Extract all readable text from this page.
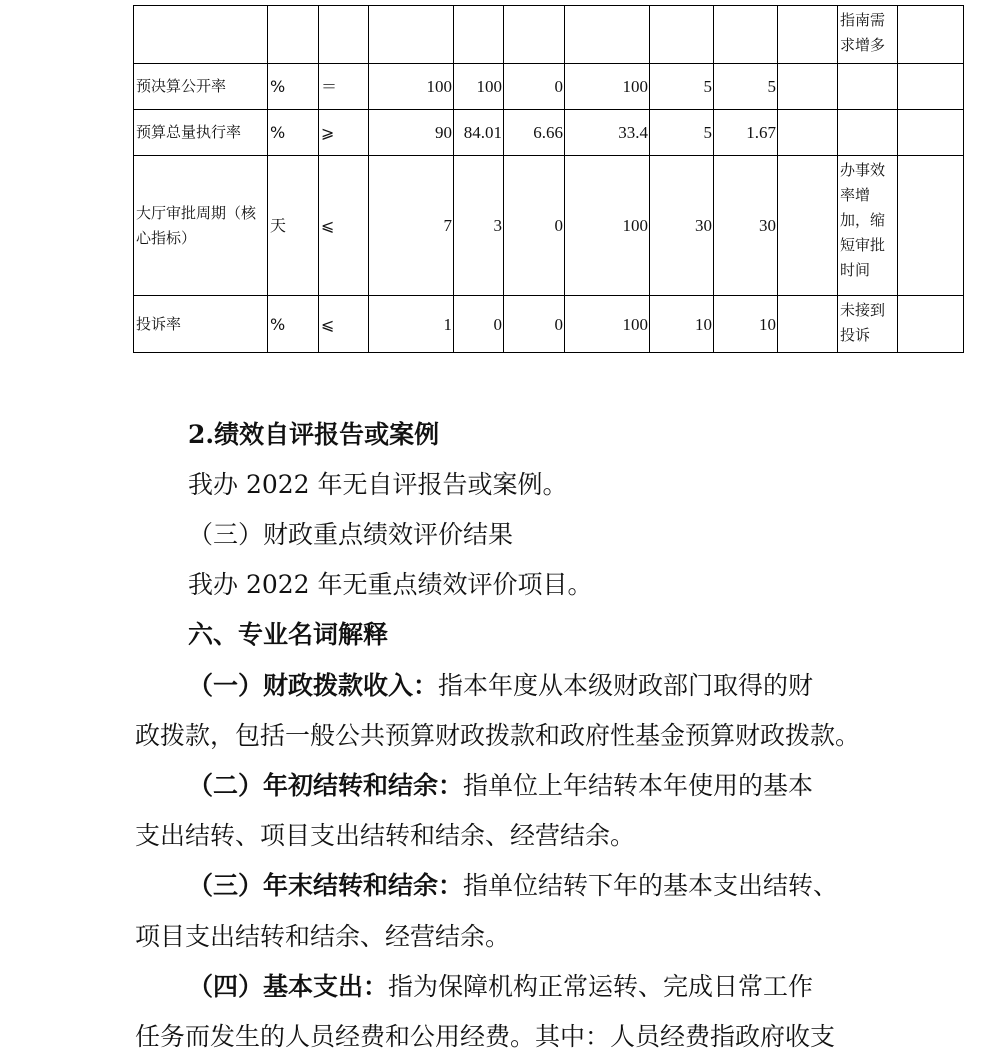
										指南需求增多	
预决算公开率	%	＝	100	100	0	100	5	5			
预算总量执行率	%	⩾	90	84.01	6.66	33.4	5	1.67			
大厅审批周期（核心指标）	天	⩽	7	3	0	100	30	30		办事效率增加，缩短审批时间	
投诉率	%	⩽	1	0	0	100	10	10		未接到投诉	
2.绩效自评报告或案例
我办 2022 年无自评报告或案例。
（三）财政重点绩效评价结果
我办 2022 年无重点绩效评价项目。
六、专业名词解释
（一）财政拨款收入：指本年度从本级财政部门取得的财
政拨款，包括一般公共预算财政拨款和政府性基金预算财政拨款。
（二）年初结转和结余：指单位上年结转本年使用的基本
支出结转、项目支出结转和结余、经营结余。
（三）年末结转和结余：指单位结转下年的基本支出结转、
项目支出结转和结余、经营结余。
（四）基本支出：指为保障机构正常运转、完成日常工作
任务而发生的人员经费和公用经费。其中：人员经费指政府收支
